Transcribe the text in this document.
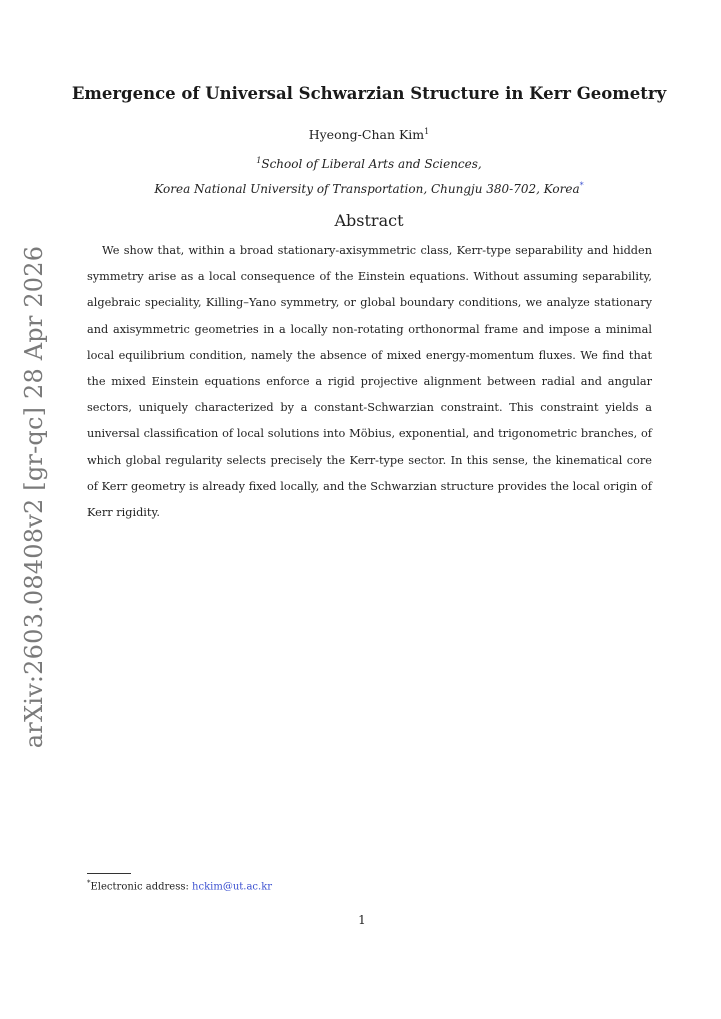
arXiv:2603.08408v2 [gr-qc] 28 Apr 2026
Emergence of Universal Schwarzian Structure in Kerr Geometry
Hyeong-Chan Kim$^1$
$^1$School of Liberal Arts and Sciences,
Korea National University of Transportation, Chungju 380-702, Korea*
Abstract
We show that, within a broad stationary-axisymmetric class, Kerr-type separability and hidden symmetry arise as a local consequence of the Einstein equations. Without assuming separability, algebraic speciality, Killing–Yano symmetry, or global boundary conditions, we analyze stationary and axisymmetric geometries in a locally non-rotating orthonormal frame and impose a minimal local equilibrium condition, namely the absence of mixed energy-momentum fluxes. We find that the mixed Einstein equations enforce a rigid projective alignment between radial and angular sectors, uniquely characterized by a constant-Schwarzian constraint. This constraint yields a universal classification of local solutions into Möbius, exponential, and trigonometric branches, of which global regularity selects precisely the Kerr-type sector. In this sense, the kinematical core of Kerr geometry is already fixed locally, and the Schwarzian structure provides the local origin of Kerr rigidity.
*Electronic address: hckim@ut.ac.kr
1
